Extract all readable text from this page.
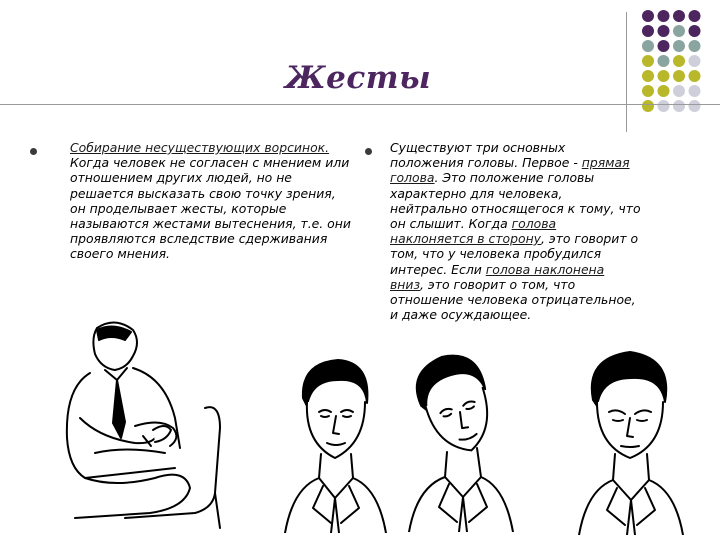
Жесты
Собирание несуществующих ворсинок. Когда человек не согласен с мнением или отношением других людей, но не решается высказать свою точку зрения, он проделывает жесты, которые называются жестами вытеснения, т.е. они проявляются вследствие сдерживания своего мнения.
Существуют три основных положения головы. Первое - прямая голова. Это положение головы характерно для человека, нейтрально относящегося к тому, что он слышит. Когда голова наклоняется в сторону, это говорит о том, что у человека пробудился интерес. Если голова наклонена вниз, это говорит о том, что отношение человека отрицательное, и даже осуждающее.
